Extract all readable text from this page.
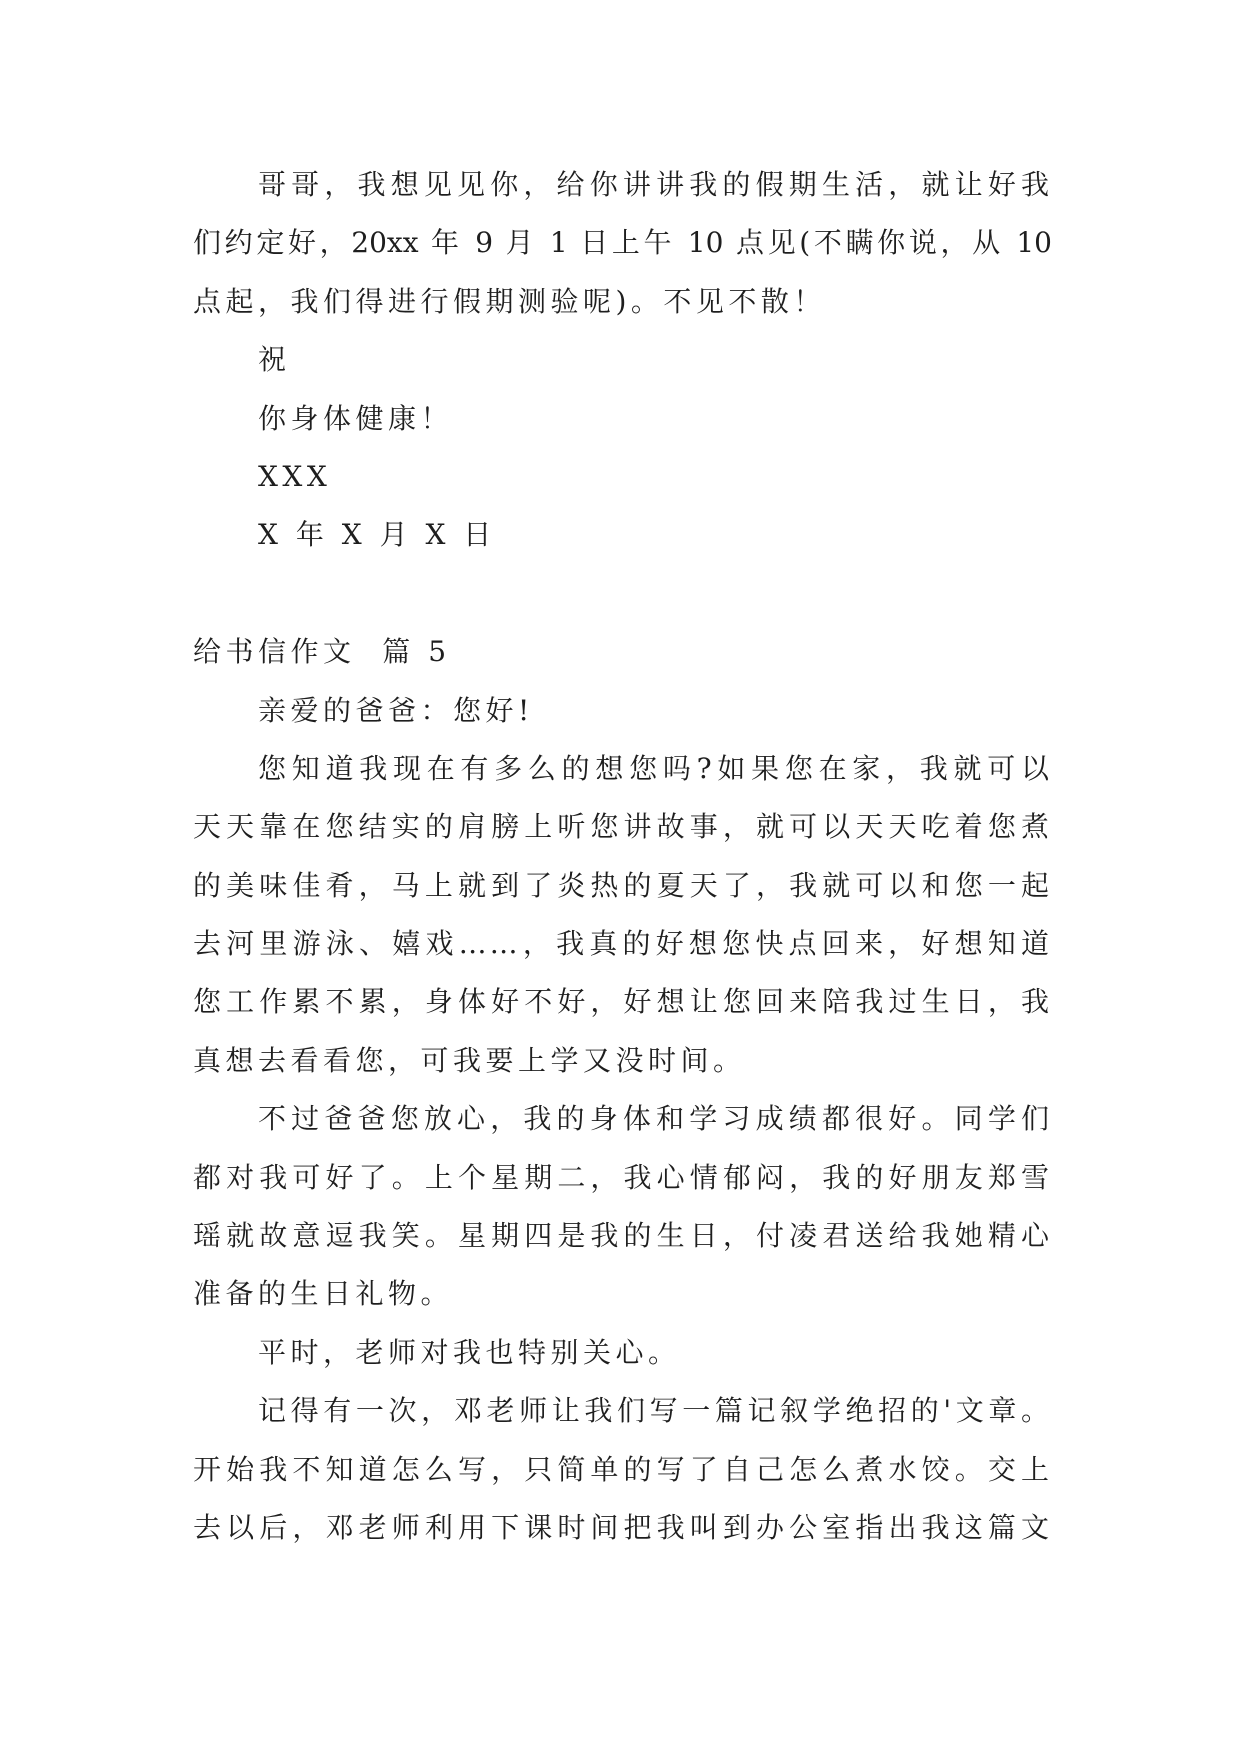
哥哥，我想见见你，给你讲讲我的假期生活，就让好我
们约定好，20xx 年 9 月 1 日上午 10 点见(不瞒你说，从 10
点起，我们得进行假期测验呢)。不见不散！
祝
你身体健康！
XXX
X 年 X 月 X 日
给书信作文  篇 5
亲爱的爸爸：您好!
您知道我现在有多么的想您吗?如果您在家，我就可以
天天靠在您结实的肩膀上听您讲故事，就可以天天吃着您煮
的美味佳肴，马上就到了炎热的夏天了，我就可以和您一起
去河里游泳、嬉戏……，我真的好想您快点回来，好想知道
您工作累不累，身体好不好，好想让您回来陪我过生日，我
真想去看看您，可我要上学又没时间。
不过爸爸您放心，我的身体和学习成绩都很好。同学们
都对我可好了。上个星期二，我心情郁闷，我的好朋友郑雪
瑶就故意逗我笑。星期四是我的生日，付凌君送给我她精心
准备的生日礼物。
平时，老师对我也特别关心。
记得有一次，邓老师让我们写一篇记叙学绝招的'文章。
开始我不知道怎么写，只简单的写了自己怎么煮水饺。交上
去以后，邓老师利用下课时间把我叫到办公室指出我这篇文
